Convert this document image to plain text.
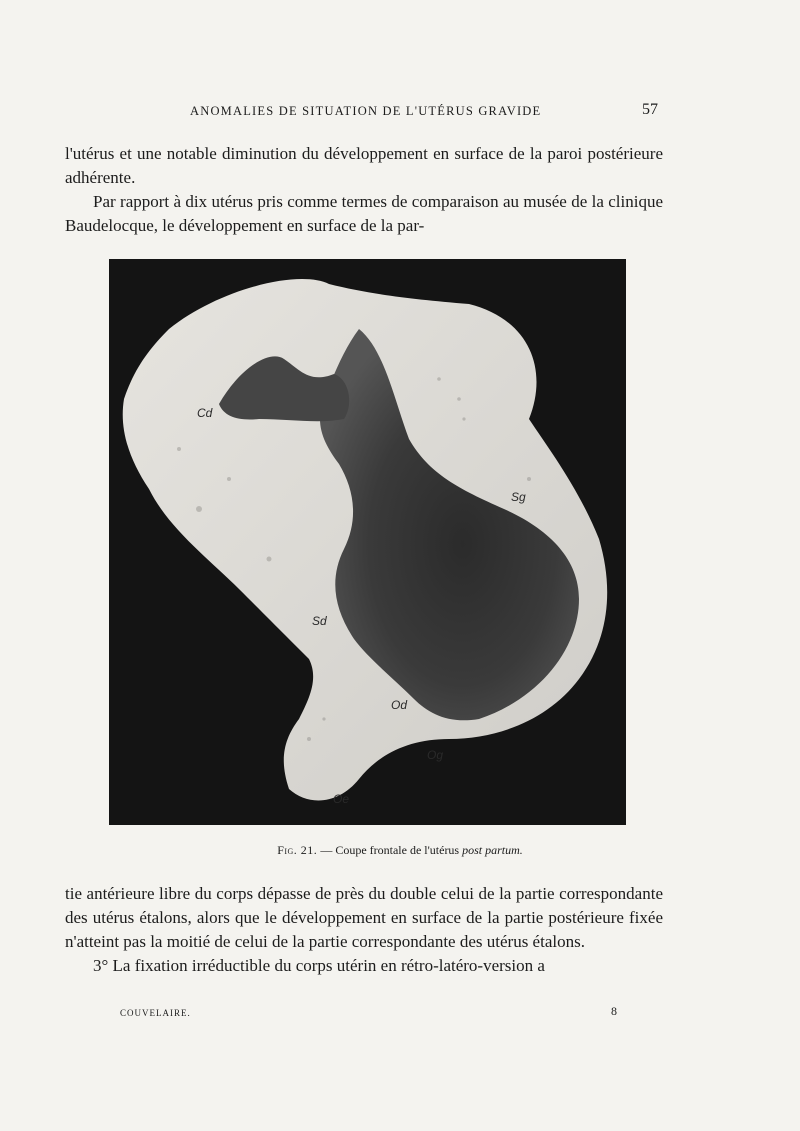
ANOMALIES DE SITUATION DE L'UTÉRUS GRAVIDE	57

l'utérus et une notable diminution du développement en surface de la paroi postérieure adhérente.

Par rapport à dix utérus pris comme termes de comparaison au musée de la clinique Baudelocque, le développement en surface de la par-

Cd
Sg
Sd
Od
Og
Oe
Fig. 21. — Coupe frontale de l'utérus post partum.

tie antérieure libre du corps dépasse de près du double celui de la partie correspondante des utérus étalons, alors que le développement en surface de la partie postérieure fixée n'atteint pas la moitié de celui de la partie correspondante des utérus étalons.

3° La fixation irréductible du corps utérin en rétro-latéro-version a

COUVELAIRE.	8
